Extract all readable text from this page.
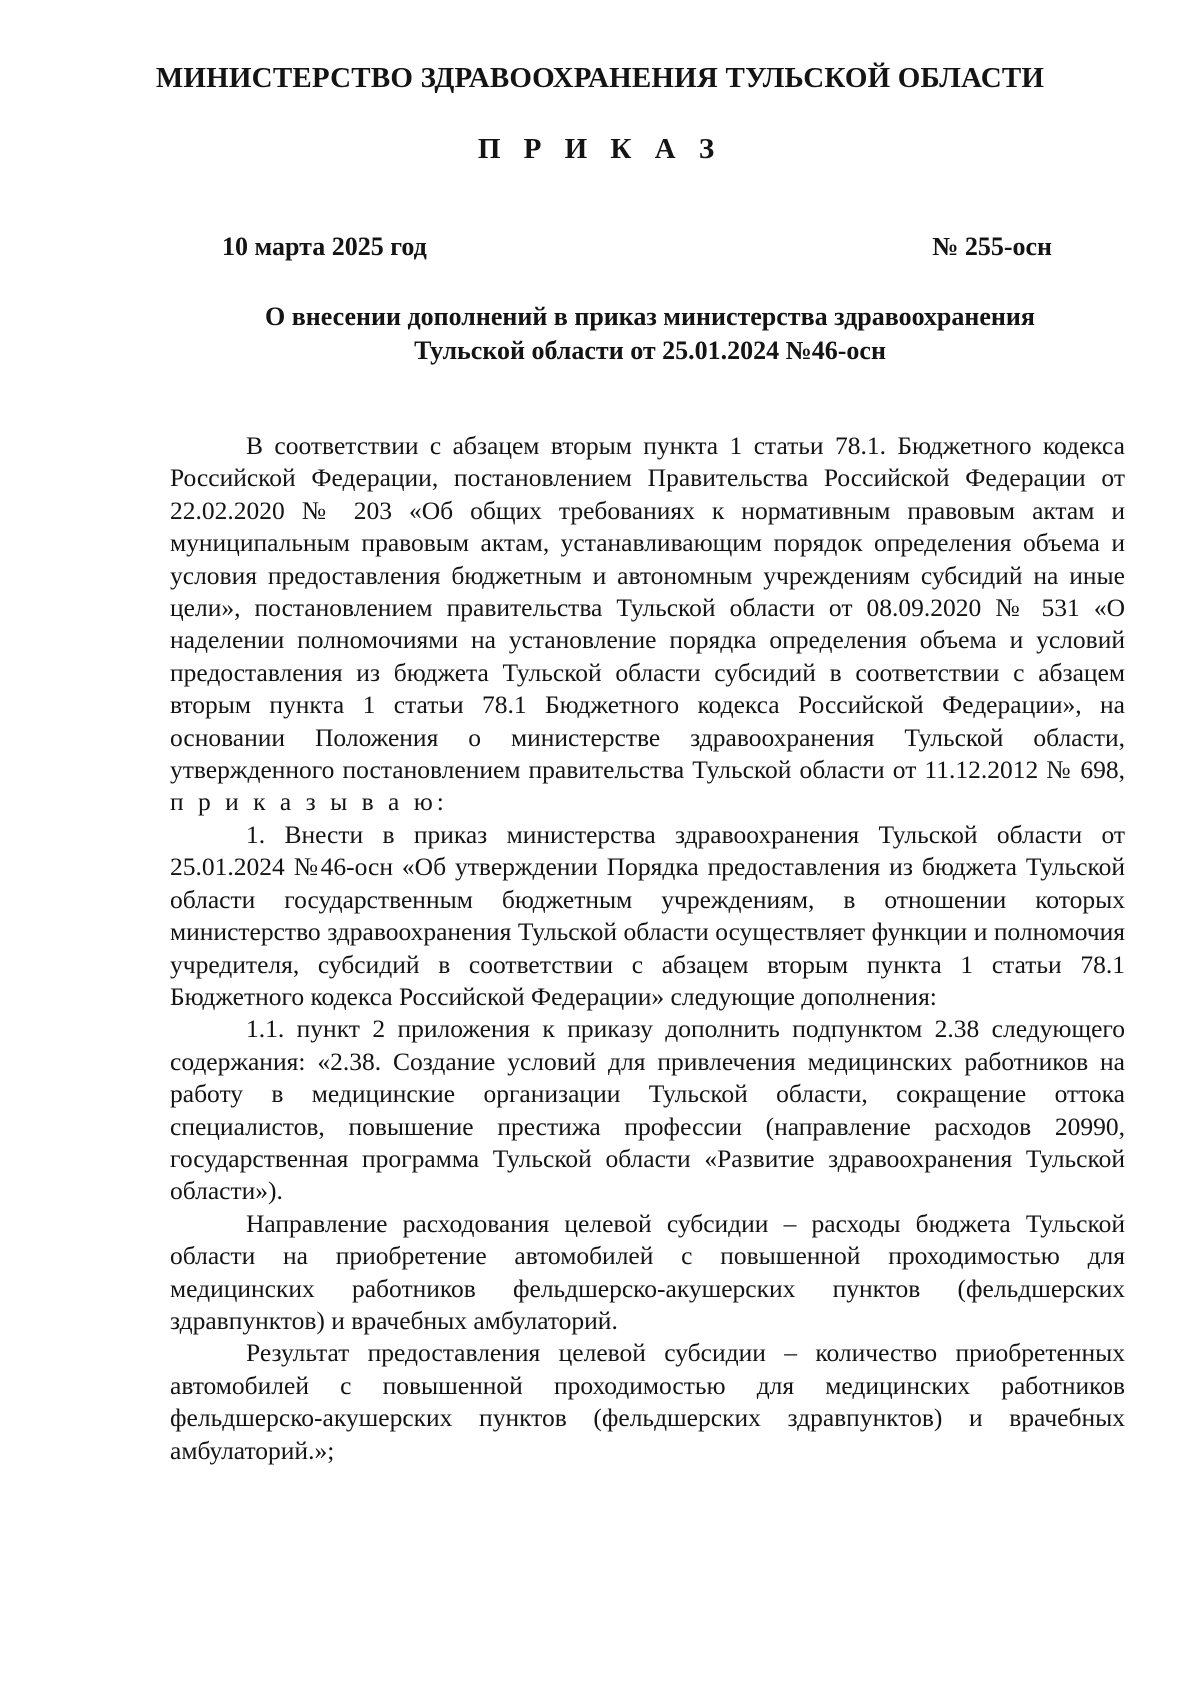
МИНИСТЕРСТВО ЗДРАВООХРАНЕНИЯ ТУЛЬСКОЙ ОБЛАСТИ
П Р И К А З
10 марта 2025 год	№ 255-осн
О внесении дополнений в приказ министерства здравоохранения
Тульской области от 25.01.2024 №46-осн

В соответствии с абзацем вторым пункта 1 статьи 78.1. Бюджетного кодекса Российской Федерации, постановлением Правительства Российской Федерации от 22.02.2020 № 203 «Об общих требованиях к нормативным правовым актам и муниципальным правовым актам, устанавливающим порядок определения объема и условия предоставления бюджетным и автономным учреждениям субсидий на иные цели», постановлением правительства Тульской области от 08.09.2020 № 531 «О наделении полномочиями на установление порядка определения объема и условий предоставления из бюджета Тульской области субсидий в соответствии с абзацем вторым пункта 1 статьи 78.1 Бюджетного кодекса Российской Федерации», на основании Положения о министерстве здравоохранения Тульской области, утвержденного постановлением правительства Тульской области от 11.12.2012 № 698, п р и к а з ы в а ю:

1. Внести в приказ министерства здравоохранения Тульской области от 25.01.2024 №46-осн «Об утверждении Порядка предоставления из бюджета Тульской области государственным бюджетным учреждениям, в отношении которых министерство здравоохранения Тульской области осуществляет функции и полномочия учредителя, субсидий в соответствии с абзацем вторым пункта 1 статьи 78.1 Бюджетного кодекса Российской Федерации» следующие дополнения:

1.1. пункт 2 приложения к приказу дополнить подпунктом 2.38 следующего содержания: «2.38. Создание условий для привлечения медицинских работников на работу в медицинские организации Тульской области, сокращение оттока специалистов, повышение престижа профессии (направление расходов 20990, государственная программа Тульской области «Развитие здравоохранения Тульской области»).

Направление расходования целевой субсидии – расходы бюджета Тульской области на приобретение автомобилей с повышенной проходимостью для медицинских работников фельдшерско-акушерских пунктов (фельдшерских здравпунктов) и врачебных амбулаторий.

Результат предоставления целевой субсидии – количество приобретенных автомобилей с повышенной проходимостью для медицинских работников фельдшерско-акушерских пунктов (фельдшерских здравпунктов) и врачебных амбулаторий.»;
